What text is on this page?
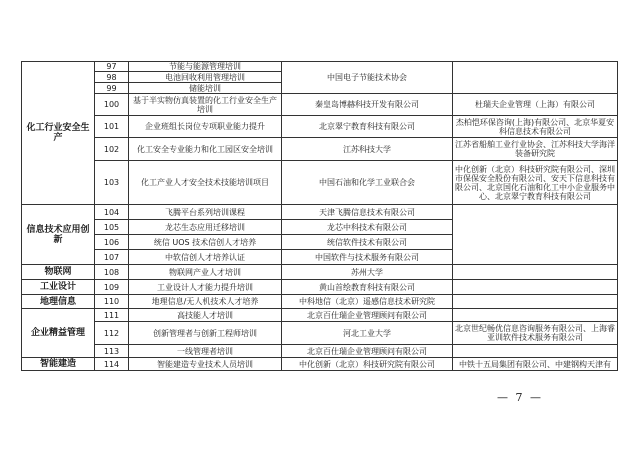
化工行业安全生产	97	节能与能源管理培训	中国电子节能技术协会	
	98	电池回收利用管理培训		
	99	储能培训		
	100	基于半实物仿真装置的化工行业安全生产培训	秦皇岛博赫科技开发有限公司	杜瑞夫企业管理（上海）有限公司
	101	企业班组长岗位专项职业能力提升	北京翠宁教育科技有限公司	杰柏恺环保咨询(上海)有限公司、北京华夏安科信息技术有限公司
	102	化工安全专业能力和化工园区安全培训	江苏科技大学	江苏省船舶工业行业协会、江苏科技大学海洋装备研究院
	103	化工产业人才安全技术技能培训项目	中国石油和化学工业联合会	中化创新（北京）科技研究院有限公司、深圳市保保安全股份有限公司、安天下信息科技有限公司、北京国化石油和化工中小企业服务中心、北京翠宁教育科技有限公司
信息技术应用创新	104	飞腾平台系列培训课程	天津飞腾信息技术有限公司	
	105	龙芯生态应用迁移培训	龙芯中科技术有限公司	
	106	统信 UOS 技术信创人才培养	统信软件技术有限公司	
	107	中软信创人才培养认证	中国软件与技术服务有限公司	
物联网	108	物联网产业人才培训	苏州大学	
工业设计	109	工业设计人才能力提升培训	黄山首绘教育科技有限公司	
地理信息	110	地理信息/无人机技术人才培养	中科地信（北京）遥感信息技术研究院	
企业精益管理	111	高技能人才培训	北京百仕瑞企业管理顾问有限公司	
	112	创新管理者与创新工程师培训	河北工业大学	北京世纪畅优信息咨询服务有限公司、上海睿亚训软件技术服务有限公司
	113	一线管理者培训	北京百仕瑞企业管理顾问有限公司	
智能建造	114	智能建造专业技术人员培训	中化创新（北京）科技研究院有限公司	中铁十五局集团有限公司、中建钢构天津有
— 7 —
